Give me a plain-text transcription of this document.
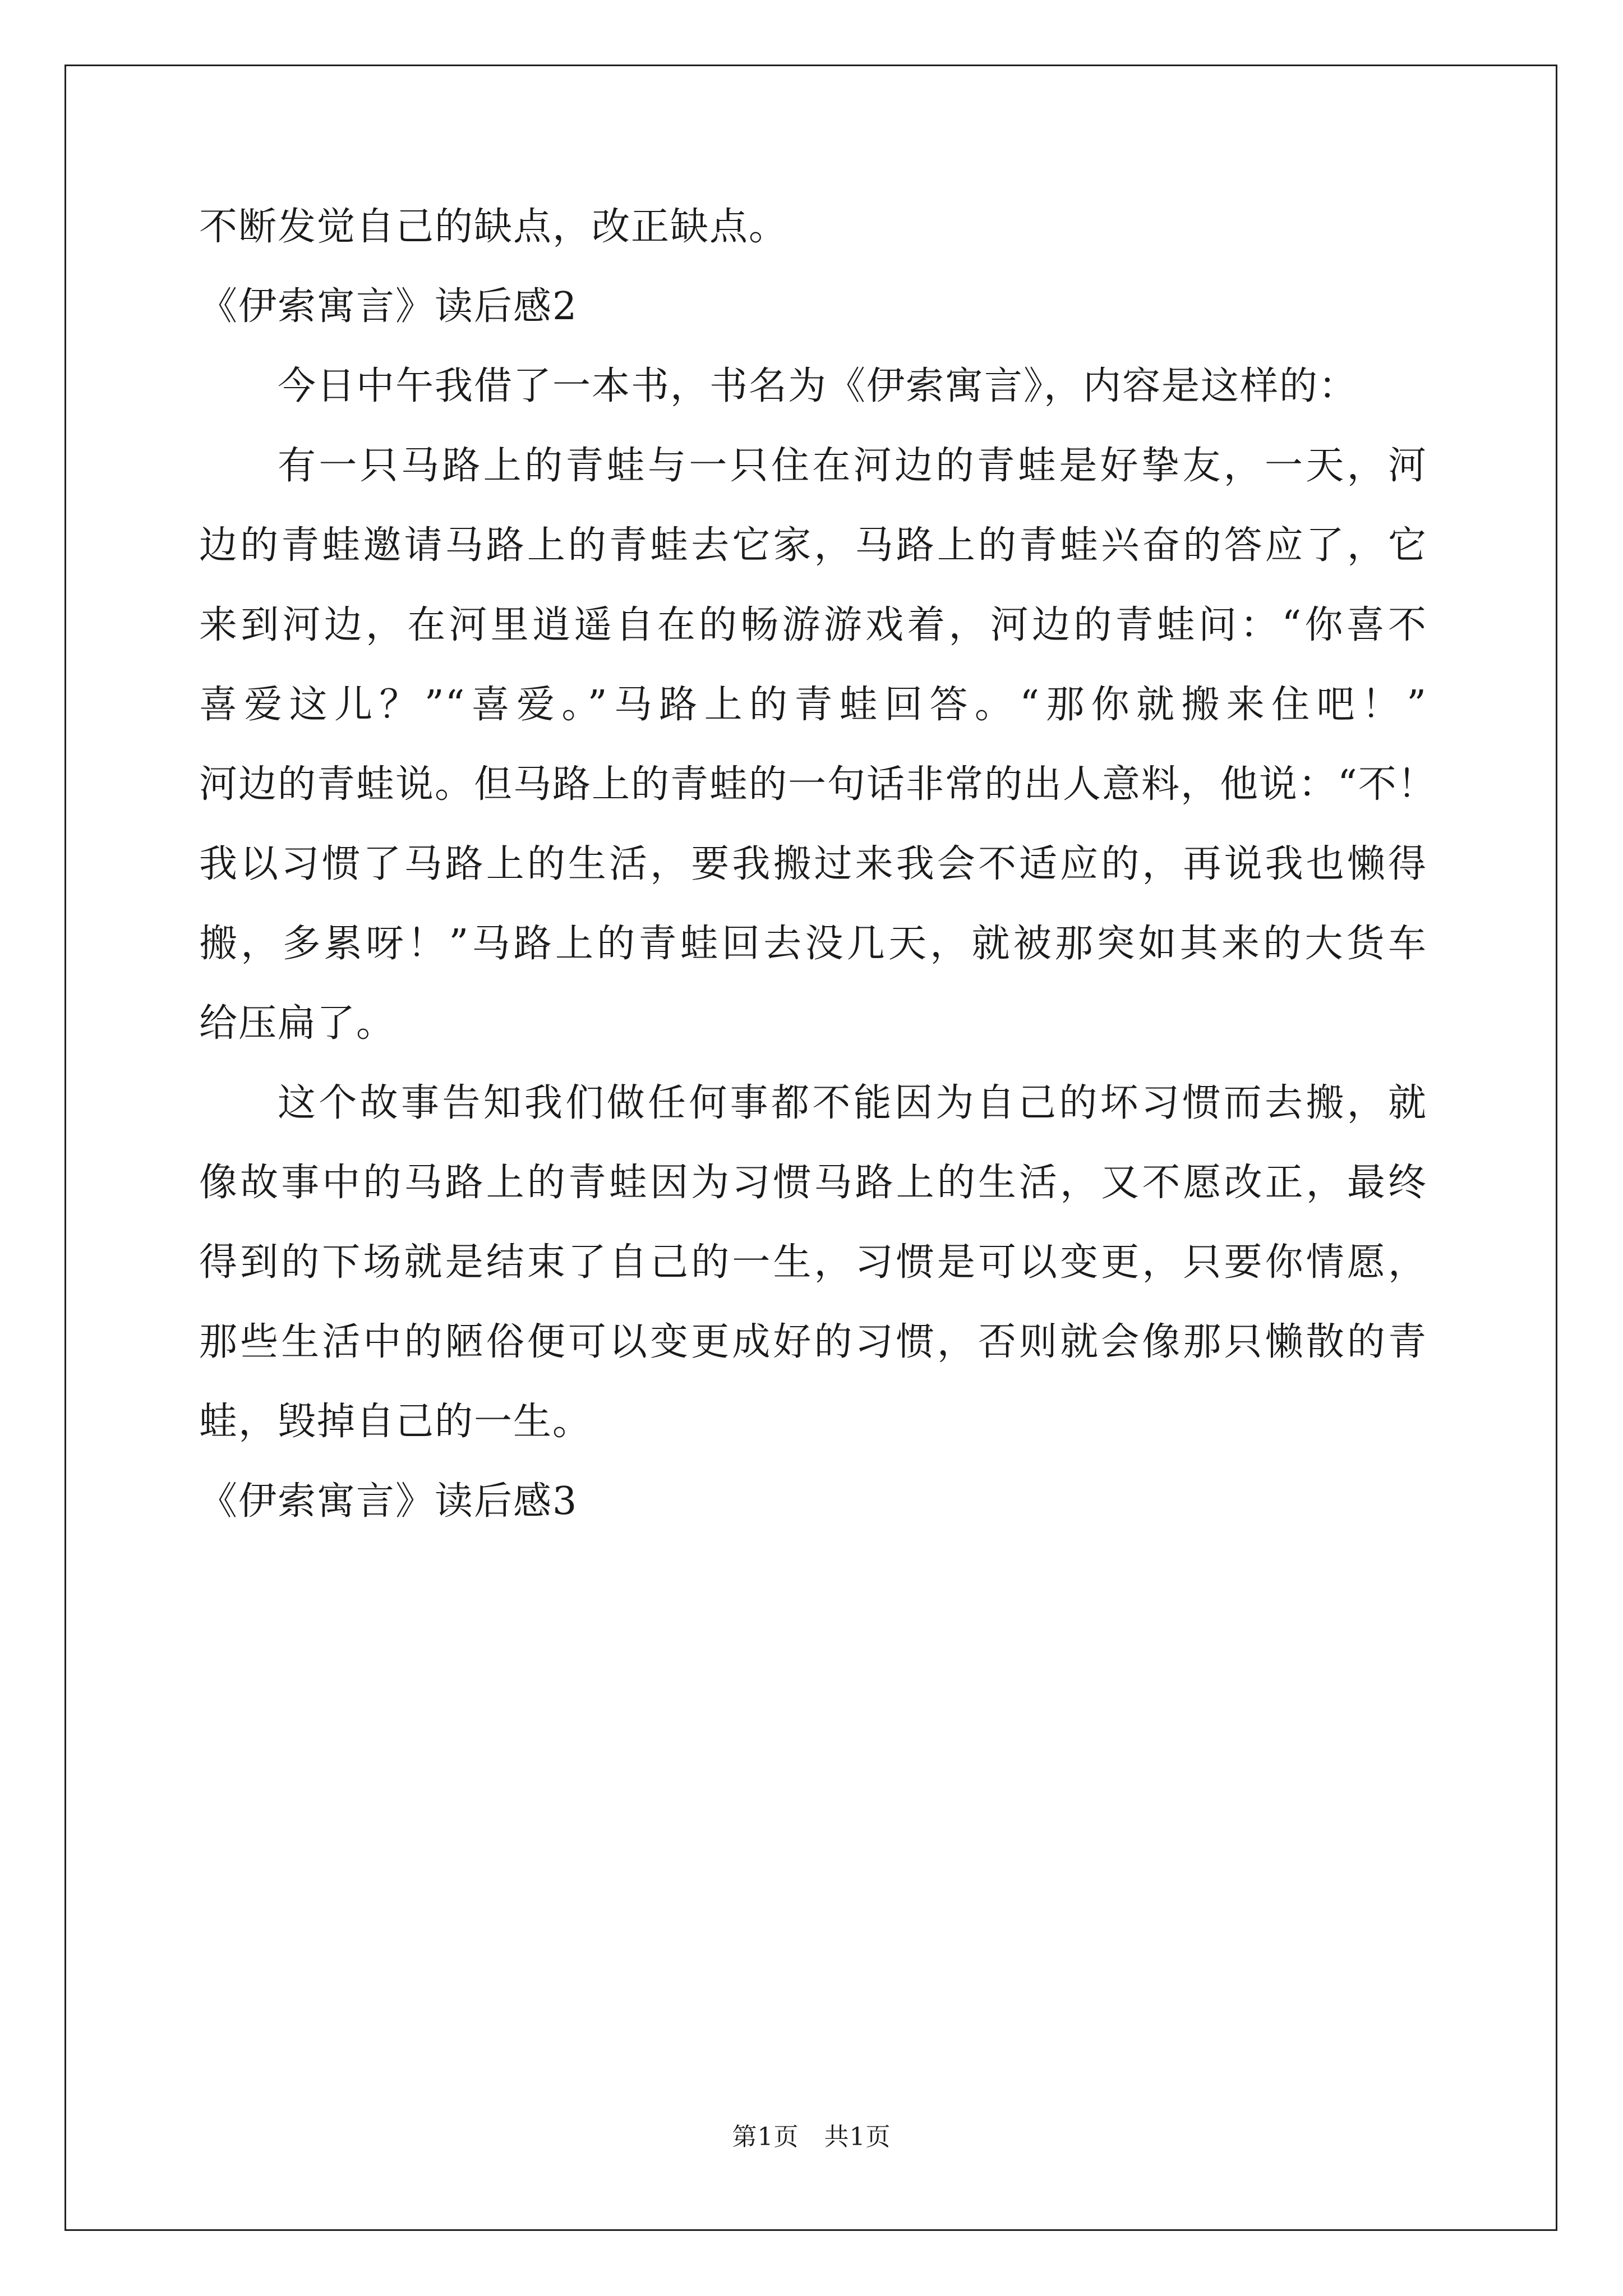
不断发觉自己的缺点，改正缺点。
《伊索寓言》读后感2
今日中午我借了一本书，书名为《伊索寓言》，内容是这样的：
有一只马路上的青蛙与一只住在河边的青蛙是好挚友，一天，河
边的青蛙邀请马路上的青蛙去它家，马路上的青蛙兴奋的答应了，它
来到河边，在河里逍遥自在的畅游游戏着，河边的青蛙问：“你喜不
喜爱这儿？”“喜爱。”马路上的青蛙回答。“那你就搬来住吧！”
河边的青蛙说。但马路上的青蛙的一句话非常的出人意料，他说：“不！
我以习惯了马路上的生活，要我搬过来我会不适应的，再说我也懒得
搬，多累呀！”马路上的青蛙回去没几天，就被那突如其来的大货车
给压扁了。
这个故事告知我们做任何事都不能因为自己的坏习惯而去搬，就
像故事中的马路上的青蛙因为习惯马路上的生活，又不愿改正，最终
得到的下场就是结束了自己的一生，习惯是可以变更，只要你情愿，
那些生活中的陋俗便可以变更成好的习惯，否则就会像那只懒散的青
蛙，毁掉自己的一生。
《伊索寓言》读后感3
第1页　共1页
